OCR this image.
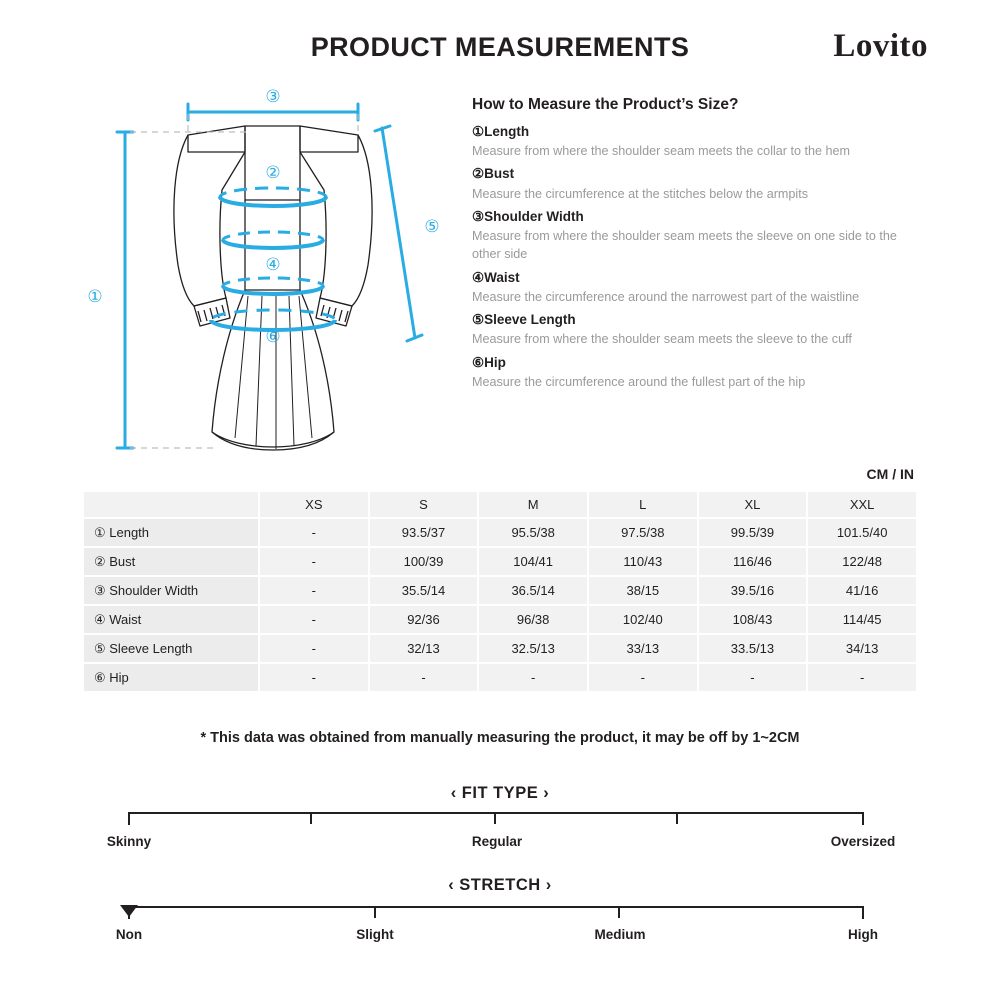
PRODUCT MEASUREMENTS	Lovito
③
②
①
④
⑤
⑥
How to Measure the Product’s Size?
①Length
Measure from where the shoulder seam meets the collar to the hem
②Bust
Measure the circumference at the stitches below the armpits
③Shoulder Width
Measure from where the shoulder seam meets the sleeve on one side to the other side
④Waist
Measure the circumference around the narrowest part of the waistline
⑤Sleeve Length
Measure from where the shoulder seam meets the sleeve to the cuff
⑥Hip
Measure the circumference around the fullest part of the hip
CM / IN
	XS	S	M	L	XL	XXL
① Length	-	93.5/37	95.5/38	97.5/38	99.5/39	101.5/40
② Bust	-	100/39	104/41	110/43	116/46	122/48
③ Shoulder Width	-	35.5/14	36.5/14	38/15	39.5/16	41/16
④ Waist	-	92/36	96/38	102/40	108/43	114/45
⑤ Sleeve Length	-	32/13	32.5/13	33/13	33.5/13	34/13
⑥ Hip	-	-	-	-	-	-
* This data was obtained from manually measuring the product, it may be off by 1~2CM
‹ FIT TYPE ›
Skinny	Regular	Oversized
‹ STRETCH ›
Non	Slight	Medium	High
